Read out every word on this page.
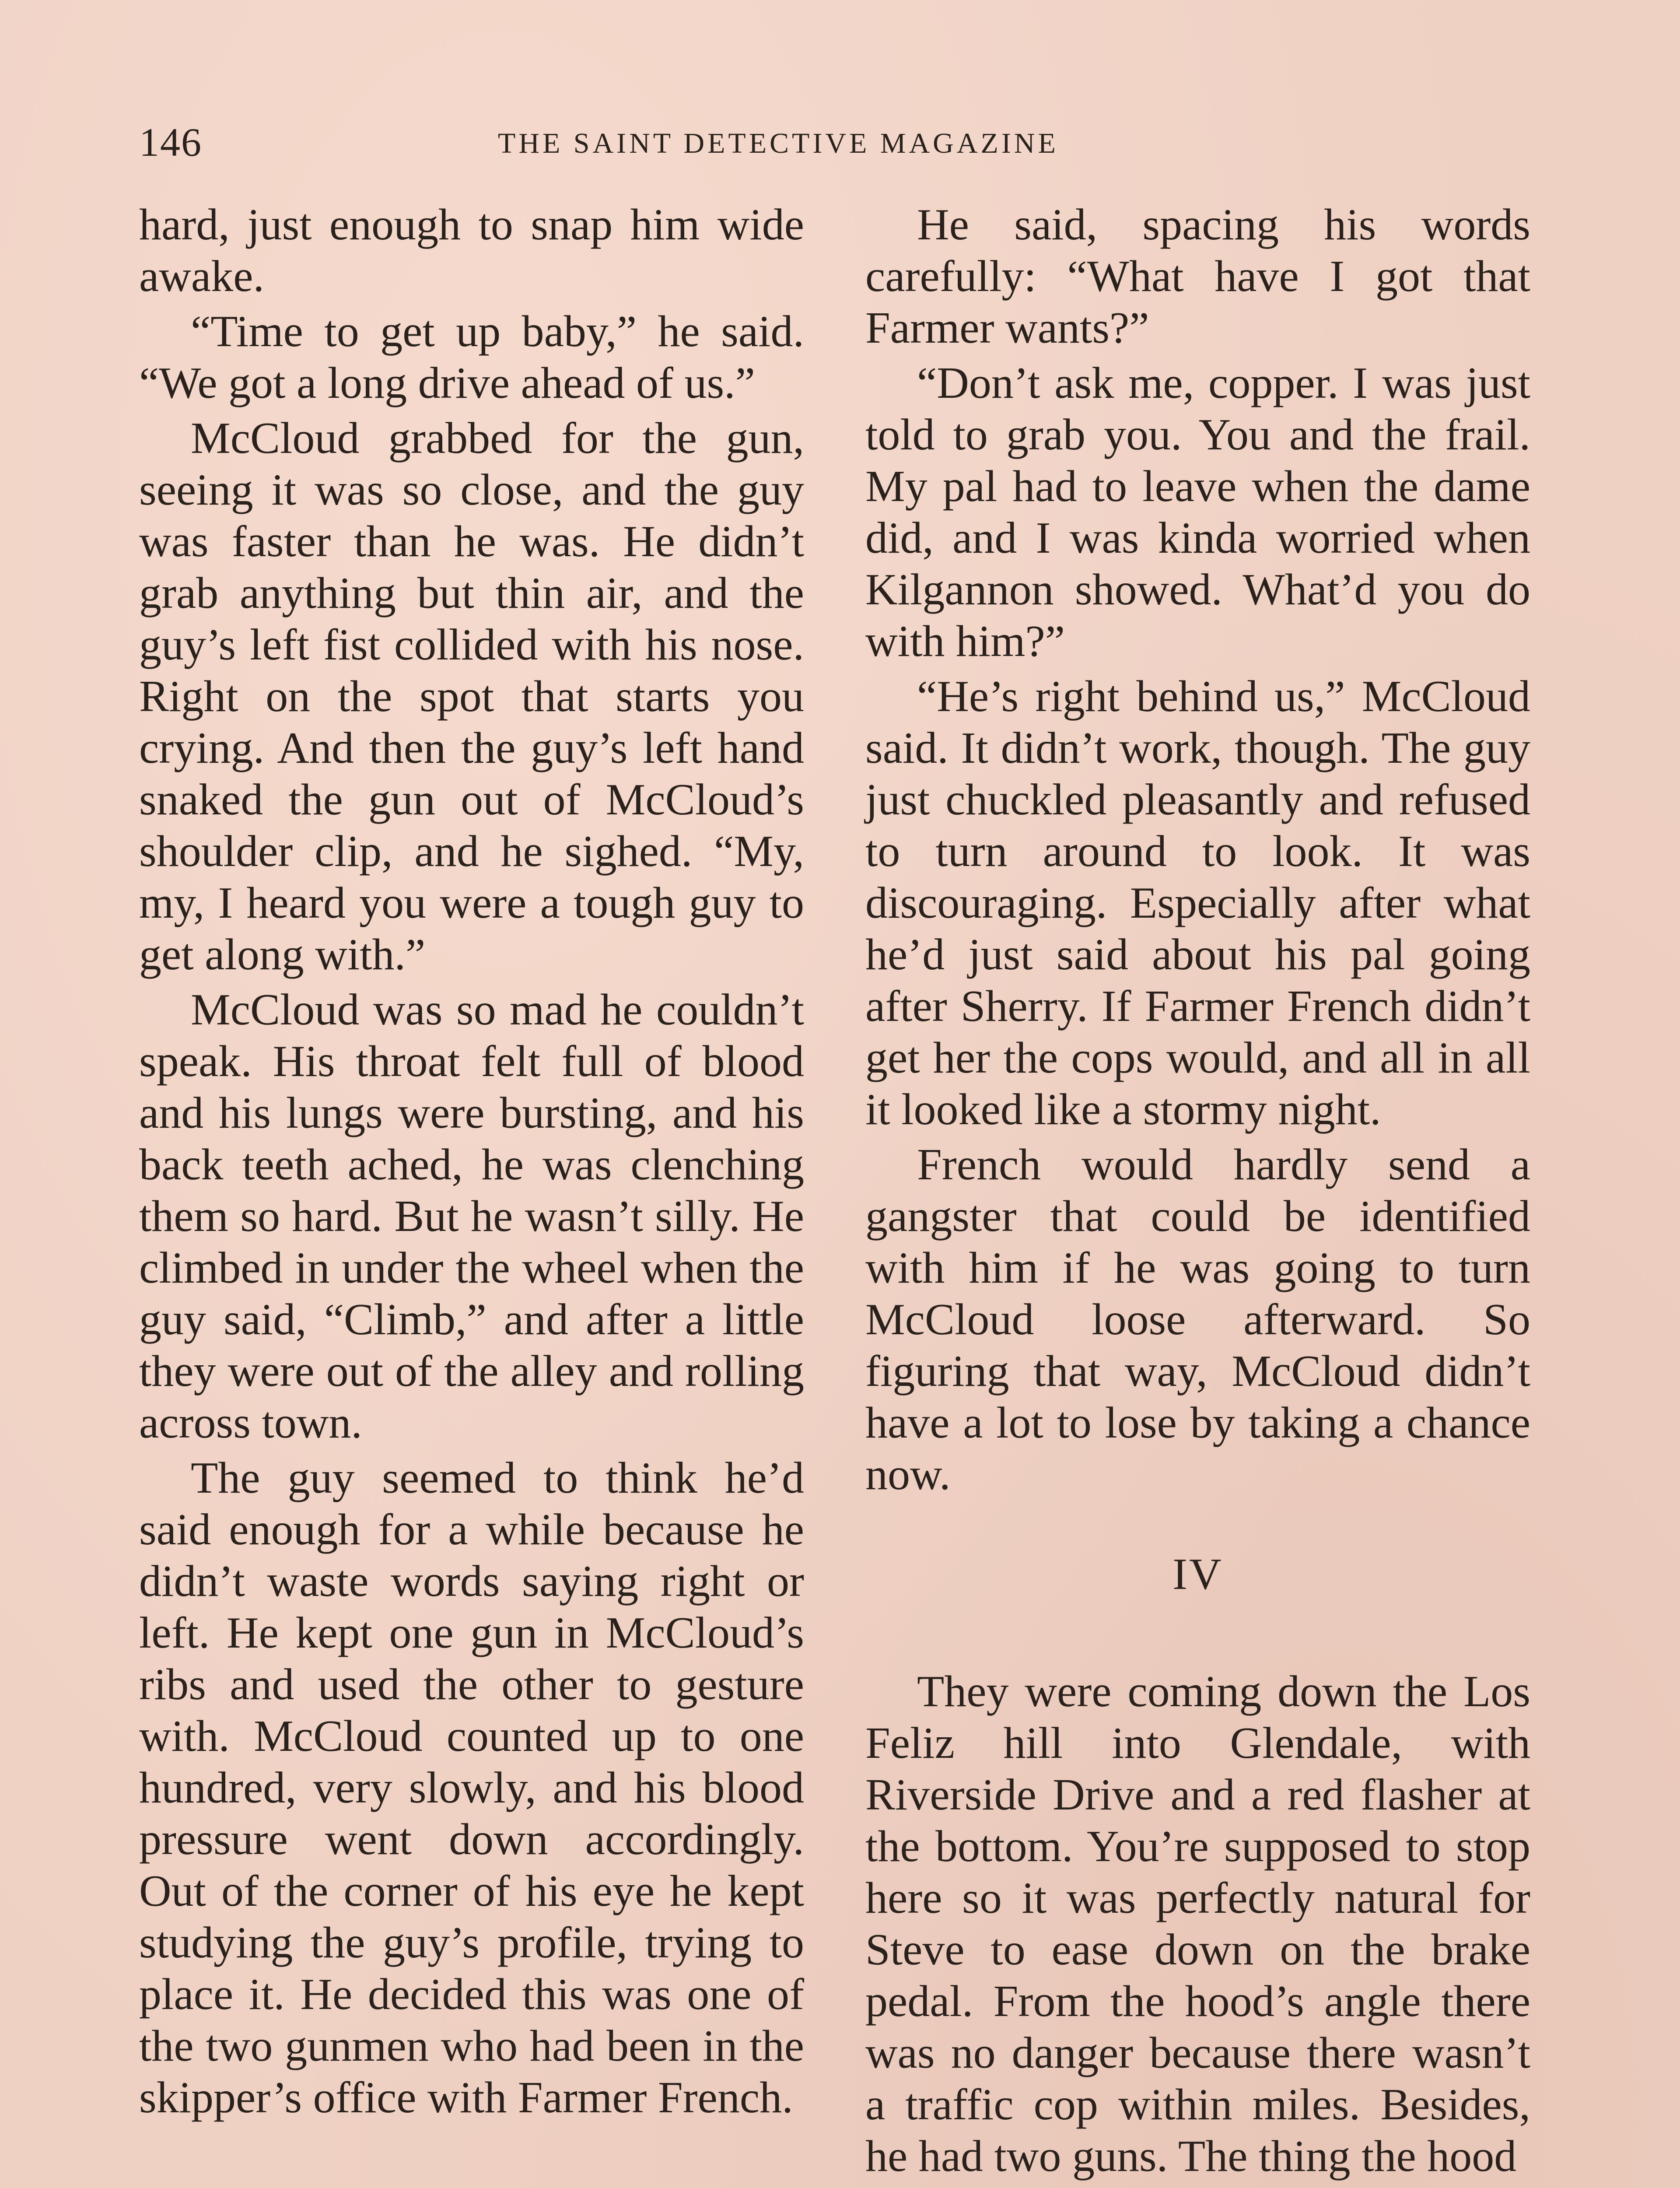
146	THE SAINT DETECTIVE MAGAZINE

hard, just enough to snap him wide awake.

“Time to get up baby,” he said. “We got a long drive ahead of us.”

McCloud grabbed for the gun, seeing it was so close, and the guy was faster than he was. He didn’t grab anything but thin air, and the guy’s left fist collided with his nose. Right on the spot that starts you crying. And then the guy’s left hand snaked the gun out of McCloud’s shoulder clip, and he sighed. “My, my, I heard you were a tough guy to get along with.”

McCloud was so mad he couldn’t speak. His throat felt full of blood and his lungs were bursting, and his back teeth ached, he was clenching them so hard. But he wasn’t silly. He climbed in under the wheel when the guy said, “Climb,” and after a little they were out of the alley and rolling across town.

The guy seemed to think he’d said enough for a while because he didn’t waste words saying right or left. He kept one gun in McCloud’s ribs and used the other to gesture with. McCloud counted up to one hundred, very slowly, and his blood pressure went down accordingly. Out of the corner of his eye he kept studying the guy’s profile, trying to place it. He decided this was one of the two gunmen who had been in the skipper’s office with Farmer French.

He said, spacing his words carefully: “What have I got that Farmer wants?”

“Don’t ask me, copper. I was just told to grab you. You and the frail. My pal had to leave when the dame did, and I was kinda worried when Kilgannon showed. What’d you do with him?”

“He’s right behind us,” McCloud said. It didn’t work, though. The guy just chuckled pleasantly and refused to turn around to look. It was discouraging. Especially after what he’d just said about his pal going after Sherry. If Farmer French didn’t get her the cops would, and all in all it looked like a stormy night.

French would hardly send a gangster that could be identified with him if he was going to turn McCloud loose afterward. So figuring that way, McCloud didn’t have a lot to lose by taking a chance now.

IV

They were coming down the Los Feliz hill into Glendale, with Riverside Drive and a red flasher at the bottom. You’re supposed to stop here so it was perfectly natural for Steve to ease down on the brake pedal. From the hood’s angle there was no danger because there wasn’t a traffic cop within miles. Besides, he had two guns. The thing the hood
